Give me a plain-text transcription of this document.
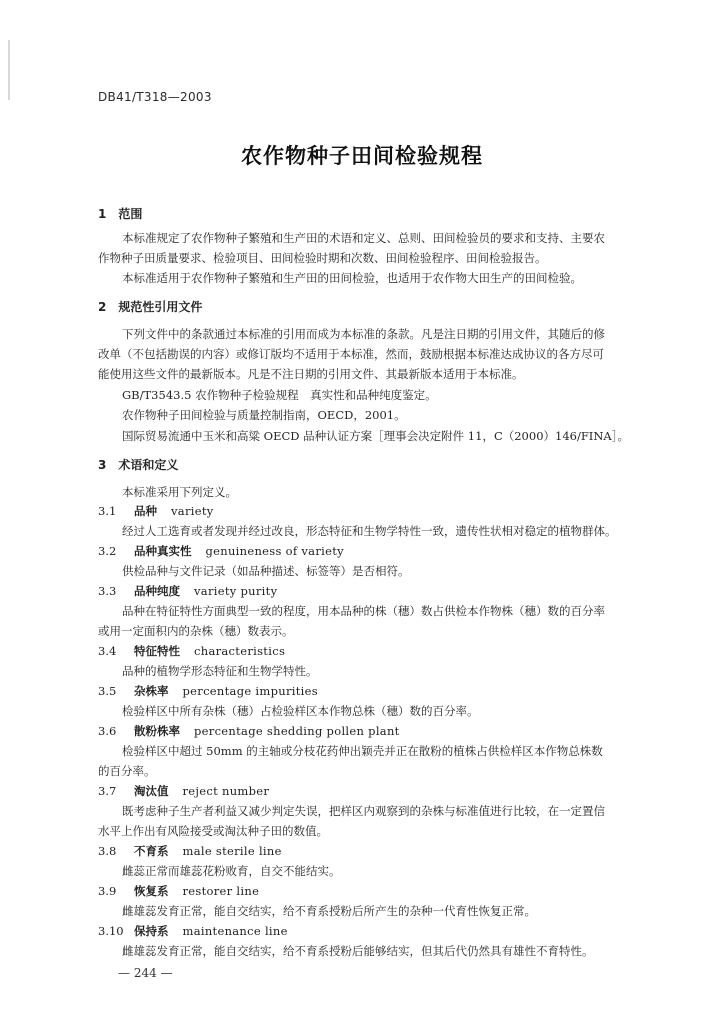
DB41/T318—2003
农作物种子田间检验规程
1　范围
本标准规定了农作物种子繁殖和生产田的术语和定义、总则、田间检验员的要求和支持、主要农
作物种子田质量要求、检验项目、田间检验时期和次数、田间检验程序、田间检验报告。
本标准适用于农作物种子繁殖和生产田的田间检验，也适用于农作物大田生产的田间检验。
2　规范性引用文件
下列文件中的条款通过本标准的引用而成为本标准的条款。凡是注日期的引用文件，其随后的修
改单（不包括勘误的内容）或修订版均不适用于本标准，然而，鼓励根据本标准达成协议的各方尽可
能使用这些文件的最新版本。凡是不注日期的引用文件、其最新版本适用于本标准。
GB/T3543.5 农作物种子检验规程　真实性和品种纯度鉴定。
农作物种子田间检验与质量控制指南，OECD，2001。
国际贸易流通中玉米和高粱 OECD 品种认证方案［理事会决定附件 11，C（2000）146/FINA］。
3　术语和定义
本标准采用下列定义。
3.1 品种 variety
经过人工选育或者发现并经过改良，形态特征和生物学特性一致，遗传性状相对稳定的植物群体。
3.2 品种真实性 genuineness of variety
供检品种与文件记录（如品种描述、标签等）是否相符。
3.3 品种纯度 variety purity
品种在特征特性方面典型一致的程度，用本品种的株（穗）数占供检本作物株（穗）数的百分率
或用一定面积内的杂株（穗）数表示。
3.4 特征特性 characteristics
品种的植物学形态特征和生物学特性。
3.5 杂株率 percentage impurities
检验样区中所有杂株（穗）占检验样区本作物总株（穗）数的百分率。
3.6 散粉株率 percentage shedding pollen plant
检验样区中超过 50mm 的主轴或分枝花药伸出颖壳并正在散粉的植株占供检样区本作物总株数
的百分率。
3.7 淘汰值 reject number
既考虑种子生产者利益又减少判定失误，把样区内观察到的杂株与标准值进行比较，在一定置信
水平上作出有风险接受或淘汰种子田的数值。
3.8 不育系 male sterile line
雌蕊正常而雄蕊花粉败育，自交不能结实。
3.9 恢复系 restorer line
雌雄蕊发育正常，能自交结实，给不育系授粉后所产生的杂种一代育性恢复正常。
3.10 保持系 maintenance line
雌雄蕊发育正常，能自交结实，给不育系授粉后能够结实，但其后代仍然具有雄性不育特性。
— 244 —
